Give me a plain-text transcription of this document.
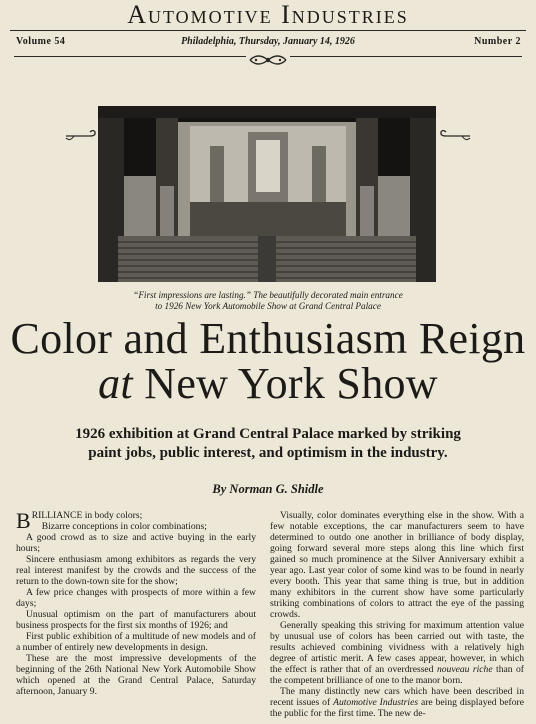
Automotive Industries
Volume 54	Philadelphia, Thursday, January 14, 1926	Number 2
“First impressions are lasting.” The beautifully decorated main entrance
to 1926 New York Automobile Show at Grand Central Palace
Color and Enthusiasm Reign
at New York Show
1926 exhibition at Grand Central Palace marked by striking paint jobs, public interest, and optimism in the industry.
By Norman G. Shidle

BRILLIANCE in body colors;

Bizarre conceptions in color combinations;

A good crowd as to size and active buying in the early hours;

Sincere enthusiasm among exhibitors as regards the very real interest manifest by the crowds and the success of the return to the down-town site for the show;

A few price changes with prospects of more within a few days;

Unusual optimism on the part of manufacturers about business prospects for the first six months of 1926; and

First public exhibition of a multitude of new models and of a number of entirely new developments in design.

These are the most impressive developments of the beginning of the 26th National New York Automobile Show which opened at the Grand Central Palace, Saturday afternoon, January 9.

Visually, color dominates everything else in the show. With a few notable exceptions, the car manufacturers seem to have determined to outdo one another in brilliance of body display, going forward several more steps along this line which first gained so much prominence at the Silver Anniversary exhibit a year ago. Last year color of some kind was to be found in nearly every booth. This year that same thing is true, but in addition many exhibitors in the current show have some particularly striking combinations of colors to attract the eye of the passing crowds.

Generally speaking this striving for maximum attention value by unusual use of colors has been carried out with taste, the results achieved combining vividness with a relatively high degree of artistic merit. A few cases appear, however, in which the effect is rather that of an overdressed nouveau riche than of the competent brilliance of one to the manor born.

The many distinctly new cars which have been described in recent issues of Automotive Industries are being displayed before the public for the first time. The new de-
